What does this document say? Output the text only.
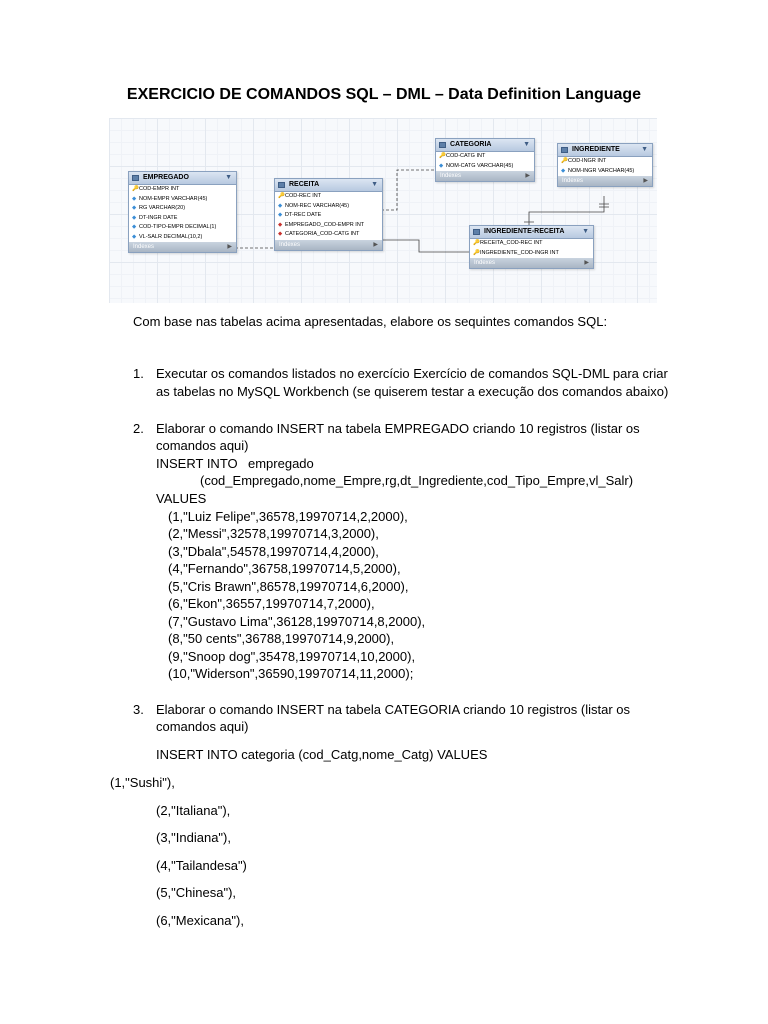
EXERCICIO DE COMANDOS SQL – DML – Data Definition Language
EMPREGADO	▼
🔑COD-EMPR INT
◆ NOM-EMPR VARCHAR(45)
◆ RG VARCHAR(20)
◆ DT-INGR DATE
◆ COD-TIPO-EMPR DECIMAL(1)
◆ VL-SALR DECIMAL(10,2)
Indexes	▶
RECEITA	▼
🔑COD-REC INT
◆ NOM-REC VARCHAR(45)
◆ DT-REC DATE
◆ EMPREGADO_COD-EMPR INT
◆ CATEGORIA_COD-CATG INT
Indexes	▶
CATEGORIA	▼
🔑COD-CATG INT
◆ NOM-CATG VARCHAR(45)
Indexes	▶
INGREDIENTE	▼
🔑COD-INGR INT
◆ NOM-INGR VARCHAR(45)
Indexes	▶
INGREDIENTE-RECEITA	▼
🔑RECEITA_COD-REC INT
🔑INGREDIENTE_COD-INGR INT
Indexes	▶
Com base nas tabelas acima apresentadas, elabore os sequintes comandos SQL:
1. Executar os comandos listados no exercício Exercício de comandos SQL-DML para criar
as tabelas no MySQL Workbench (se quiserem testar a execução dos comandos abaixo)
2. Elaborar o comando INSERT na tabela EMPREGADO criando 10 registros (listar os
comandos aqui)
INSERT INTO empregado
(cod_Empregado,nome_Empre,rg,dt_Ingrediente,cod_Tipo_Empre,vl_Salr)
VALUES
(1,"Luiz Felipe",36578,19970714,2,2000),
(2,"Messi",32578,19970714,3,2000),
(3,"Dbala",54578,19970714,4,2000),
(4,"Fernando",36758,19970714,5,2000),
(5,"Cris Brawn",86578,19970714,6,2000),
(6,"Ekon",36557,19970714,7,2000),
(7,"Gustavo Lima",36128,19970714,8,2000),
(8,"50 cents",36788,19970714,9,2000),
(9,"Snoop dog",35478,19970714,10,2000),
(10,"Widerson",36590,19970714,11,2000);
3. Elaborar o comando INSERT na tabela CATEGORIA criando 10 registros (listar os
comandos aqui)
INSERT INTO categoria (cod_Catg,nome_Catg) VALUES
(1,"Sushi"),
(2,"Italiana"),
(3,"Indiana"),
(4,"Tailandesa")
(5,"Chinesa"),
(6,"Mexicana"),
